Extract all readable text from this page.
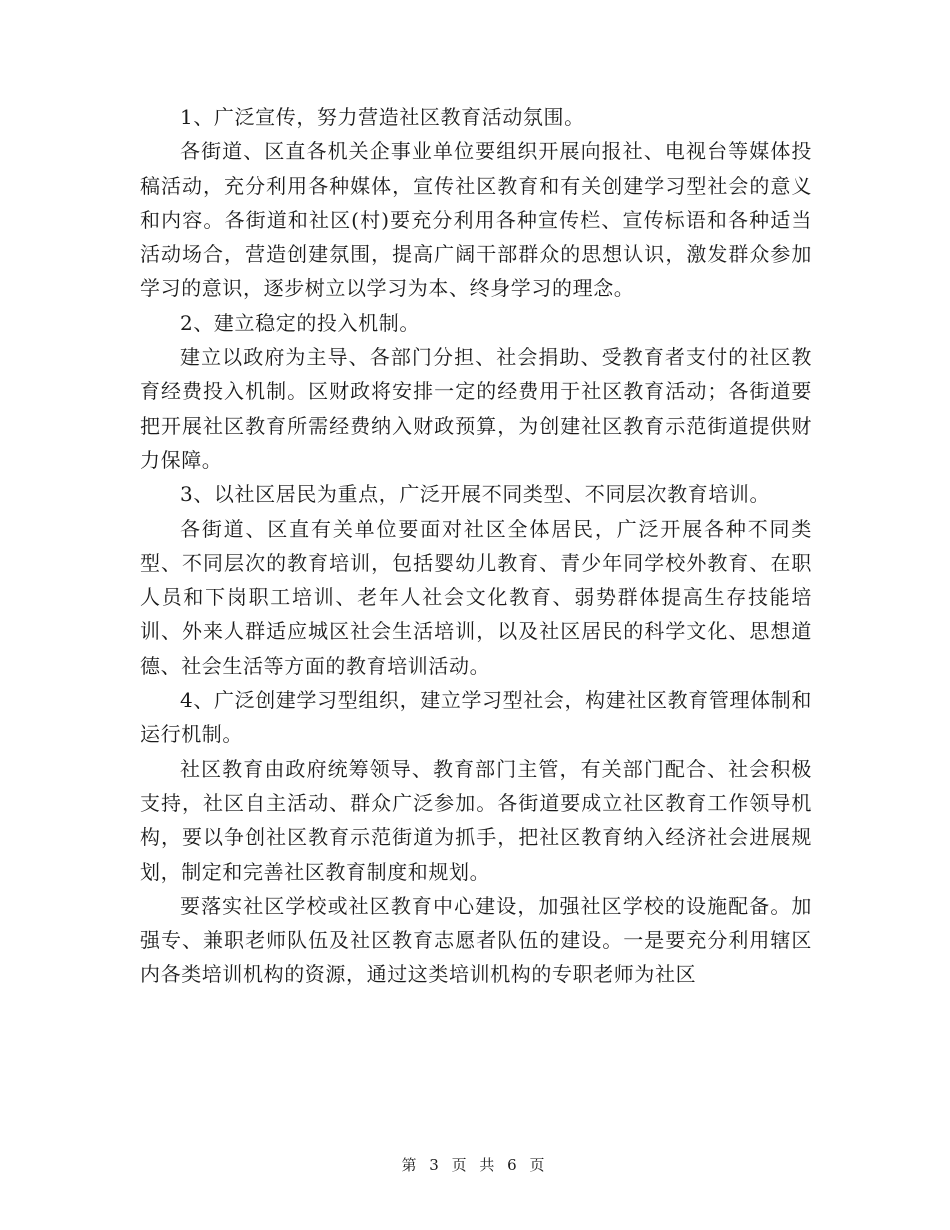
1、广泛宣传，努力营造社区教育活动氛围。

各街道、区直各机关企事业单位要组织开展向报社、电视台等媒体投稿活动，充分利用各种媒体，宣传社区教育和有关创建学习型社会的意义和内容。各街道和社区(村)要充分利用各种宣传栏、宣传标语和各种适当活动场合，营造创建氛围，提高广阔干部群众的思想认识，激发群众参加学习的意识，逐步树立以学习为本、终身学习的理念。

2、建立稳定的投入机制。

建立以政府为主导、各部门分担、社会捐助、受教育者支付的社区教育经费投入机制。区财政将安排一定的经费用于社区教育活动；各街道要把开展社区教育所需经费纳入财政预算，为创建社区教育示范街道提供财力保障。

3、以社区居民为重点，广泛开展不同类型、不同层次教育培训。

各街道、区直有关单位要面对社区全体居民，广泛开展各种不同类型、不同层次的教育培训，包括婴幼儿教育、青少年同学校外教育、在职人员和下岗职工培训、老年人社会文化教育、弱势群体提高生存技能培训、外来人群适应城区社会生活培训，以及社区居民的科学文化、思想道德、社会生活等方面的教育培训活动。

4、广泛创建学习型组织，建立学习型社会，构建社区教育管理体制和运行机制。

社区教育由政府统筹领导、教育部门主管，有关部门配合、社会积极支持，社区自主活动、群众广泛参加。各街道要成立社区教育工作领导机构，要以争创社区教育示范街道为抓手，把社区教育纳入经济社会进展规划，制定和完善社区教育制度和规划。

要落实社区学校或社区教育中心建设，加强社区学校的设施配备。加强专、兼职老师队伍及社区教育志愿者队伍的建设。一是要充分利用辖区内各类培训机构的资源，通过这类培训机构的专职老师为社区

第 3 页 共 6 页
